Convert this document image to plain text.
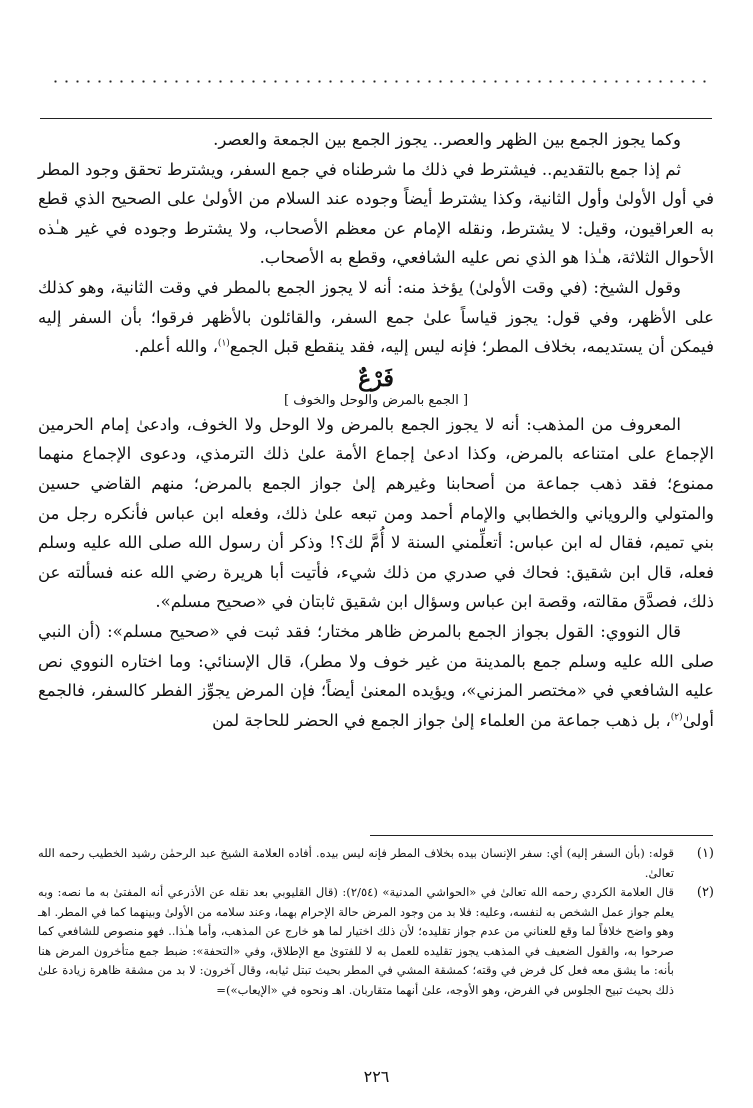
وكما يجوز الجمع بين الظهر والعصر.. يجوز الجمع بين الجمعة والعصر.

ثم إذا جمع بالتقديم.. فيشترط في ذلك ما شرطناه في جمع السفر، ويشترط تحقق وجود المطر في أول الأولىٰ وأول الثانية، وكذا يشترط أيضاً وجوده عند السلام من الأولىٰ على الصحيح الذي قطع به العراقيون، وقيل: لا يشترط، ونقله الإمام عن معظم الأصحاب، ولا يشترط وجوده في غير هـٰذه الأحوال الثلاثة، هـٰذا هو الذي نص عليه الشافعي، وقطع به الأصحاب.

وقول الشيخ: (في وقت الأولىٰ) يؤخذ منه: أنه لا يجوز الجمع بالمطر في وقت الثانية، وهو كذلك على الأظهر، وفي قول: يجوز قياساً علىٰ جمع السفر، والقائلون بالأظهر فرقوا؛ بأن السفر إليه فيمكن أن يستديمه، بخلاف المطر؛ فإنه ليس إليه، فقد ينقطع قبل الجمع$^{(١)}$، والله أعلم.

فَرْعٌ
[ الجمع بالمرض والوحل والخوف ]

المعروف من المذهب: أنه لا يجوز الجمع بالمرض ولا الوحل ولا الخوف، وادعىٰ إمام الحرمين الإجماع على امتناعه بالمرض، وكذا ادعىٰ إجماع الأمة علىٰ ذلك الترمذي، ودعوى الإجماع منهما ممنوع؛ فقد ذهب جماعة من أصحابنا وغيرهم إلىٰ جواز الجمع بالمرض؛ منهم القاضي حسين والمتولي والروياني والخطابي والإمام أحمد ومن تبعه علىٰ ذلك، وفعله ابن عباس فأنكره رجل من بني تميم، فقال له ابن عباس: أتعلِّمني السنة لا أُمَّ لك؟! وذكر أن رسول الله صلى الله عليه وسلم فعله، قال ابن شقيق: فحاك في صدري من ذلك شيء، فأتيت أبا هريرة رضي الله عنه فسألته عن ذلك، فصدَّق مقالته، وقصة ابن عباس وسؤال ابن شقيق ثابتان في «صحيح مسلم».

قال النووي: القول بجواز الجمع بالمرض ظاهر مختار؛ فقد ثبت في «صحيح مسلم»: (أن النبي صلى الله عليه وسلم جمع بالمدينة من غير خوف ولا مطر)، قال الإسنائي: وما اختاره النووي نص عليه الشافعي في «مختصر المزني»، ويؤيده المعنىٰ أيضاً؛ فإن المرض يجوِّز الفطر كالسفر، فالجمع أولىٰ$^{(٢)}$، بل ذهب جماعة من العلماء إلىٰ جواز الجمع في الحضر للحاجة لمن

(١)
قوله: (بأن السفر إليه) أي: سفر الإنسان بيده بخلاف المطر فإنه ليس بيده. أفاده العلامة الشيخ عبد الرحمٰن رشيد الخطيب رحمه الله تعالىٰ.
(٢)
قال العلامة الكردي رحمه الله تعالىٰ في «الحواشي المدنية» (٢/٥٤): (قال القليوبي بعد نقله عن الأذرعي أنه المفتىٰ به ما نصه: وبه يعلم جواز عمل الشخص به لنفسه، وعليه: فلا بد من وجود المرض حالة الإحرام بهما، وعند سلامه من الأولىٰ وبينهما كما في المطر. اهـ وهو واضح خلافاً لما وقع للعناني من عدم جواز تقليده؛ لأن ذلك اختيار لما هو خارج عن المذهب، وأما هـٰذا.. فهو منصوص للشافعي كما صرحوا به، والقول الضعيف في المذهب يجوز تقليده للعمل به لا للفتوىٰ مع الإطلاق، وفي «التحفة»: ضبط جمع متأخرون المرض هنا بأنه: ما يشق معه فعل كل فرض في وقته؛ كمشقة المشي في المطر بحيث تبتل ثيابه، وقال آخرون: لا بد من مشقة ظاهرة زيادة علىٰ ذلك بحيث تبيح الجلوس في الفرض، وهو الأوجه، علىٰ أنهما متقاربان. اهـ ونحوه في «الإيعاب»)=
٢٢٦
